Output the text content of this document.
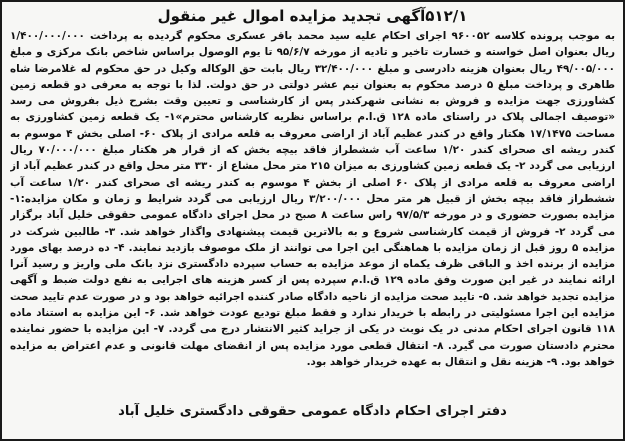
۵۱۲/۱آگهی تجدید مزایده اموال غیر منقول
به موجب پرونده کلاسه ۹۶۰۰۵۲ اجرای احکام علیه سید محمد باقر عسکری محکوم گردیده به پرداخت ۱/۴۰۰/۰۰۰/۰۰۰ ریال بعنوان اصل خواسته و خسارت تاخیر و تادیه از مورخه ۹۵/۶/۷ تا یوم الوصول براساس شاخص بانک مرکزی و مبلغ ۴۹/۰۰۵/۰۰۰ ریال بعنوان هزینه دادرسی و مبلغ ۳۲/۴۰۰/۰۰۰ ریال بابت حق الوکاله وکیل در حق محکوم له غلامرضا شاه طاهری و پرداخت مبلغ ۵ درصد محکوم به بعنوان نیم عشر دولتی در حق دولت. لذا با توجه به معرفی دو قطعه زمین کشاورزی جهت مزایده و فروش به نشانی شهرکندر پس از کارشناسی و تعیین وقت بشرح ذیل بفروش می رسد «توصیف اجمالی پلاک در راستای ماده ۱۲۸ ق.ا.م براساس نظریه کارشناس محترم»۱- یک قطعه زمین کشاورزی به مساحت ۱۷/۱۴۷۵ هکتار واقع در کندر عظیم آباد از اراضی معروف به قلعه مرادی از پلاک ۶۰- اصلی بخش ۴ موسوم به کندر ریشه ای صحرای کندر ۱/۲۰ ساعت آب ششطراز فاقد بیچه بخش که از قرار هر هکتار مبلغ ۷۰/۰۰۰/۰۰۰ ریال ارزیابی می گردد ۲- یک قطعه زمین کشاورزی به میزان ۲۱۵ متر محل مشاع از ۳۳۰ متر محل واقع در کندر عظیم آباد از اراضی معروف به قلعه مرادی از پلاک ۶۰ اصلی از بخش ۴ موسوم به کندر ریشه ای صحرای کندر ۱/۲۰ ساعت آب ششطراز فاقد بیچه بخش از قبیل هر متر محل ۳/۲۰۰/۰۰۰ ریال ارزیابی می گردد شرایط و زمان و مکان مزایده:۱- مزایده بصورت حضوری و در مورخه ۹۷/۵/۳ راس ساعت ۸ صبح در محل اجرای دادگاه عمومی حقوقی خلیل آباد برگزار می گردد ۲- فروش از قیمت کارشناسی شروع و به بالاترین قیمت پیشنهادی واگذار خواهد شد. ۳- طالبین شرکت در مزایده ۵ روز قبل از زمان مزایده با هماهنگی این اجرا می توانند از ملک موصوف بازدید نمایند. ۴- ده درصد بهای مورد مزایده از برنده اخذ و الباقی ظرف یکماه از موعد مزایده به حساب سپرده دادگستری نزد بانک ملی واریز و رسید آنرا ارائه نمایند در غیر این صورت وفق ماده ۱۲۹ ق.ا.م سپرده پس از کسر هزینه های اجرایی به نفع دولت ضبط و آگهی مزایده تجدید خواهد شد. ۵- تایید صحت مزایده از ناحیه دادگاه صادر کننده اجرائیه خواهد بود و در صورت عدم تایید صحت مزایده این اجرا مسئولیتی در رابطه با خریدار ندارد و فقط مبلغ تودیع عودت خواهد شد. ۶- این مزایده به استناد ماده ۱۱۸ قانون اجرای احکام مدنی در یک نوبت در یکی از جراید کثیر الانتشار درج می گردد. ۷- این مزایده با حضور نماینده محترم دادستان صورت می گیرد. ۸- انتقال قطعی مورد مزایده پس از انقضای مهلت قانونی و عدم اعتراض به مزایده خواهد بود. ۹- هزینه نقل و انتقال به عهده خریدار خواهد بود.
دفتر اجرای احکام دادگاه عمومی حقوقی دادگستری خلیل آباد
